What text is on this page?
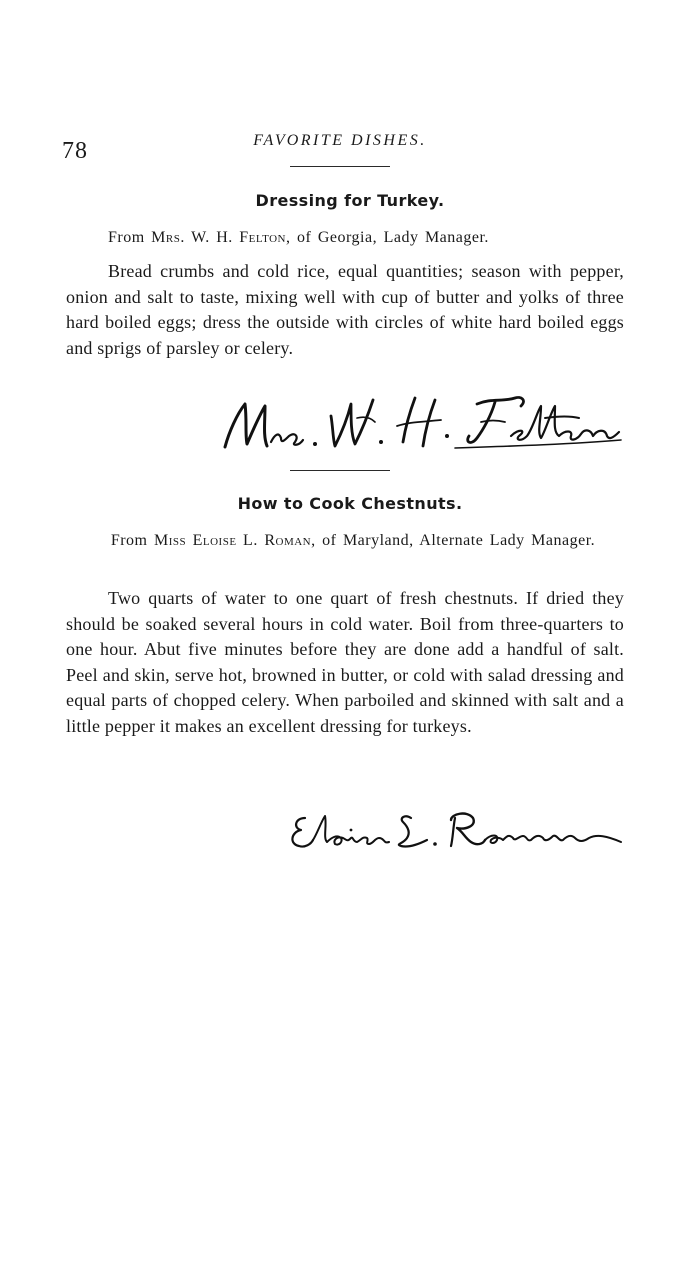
78	FAVORITE DISHES.
Dressing for Turkey.
From Mrs. W. H. Felton, of Georgia, Lady Manager.

Bread crumbs and cold rice, equal quantities; season with pepper, onion and salt to taste, mixing well with cup of butter and yolks of three hard boiled eggs; dress the outside with circles of white hard boiled eggs and sprigs of parsley or celery.

How to Cook Chestnuts.
From Miss Eloise L. Roman, of Maryland, Alternate Lady Manager.

Two quarts of water to one quart of fresh chestnuts. If dried they should be soaked several hours in cold water. Boil from three-quarters to one hour. Abut five minutes before they are done add a handful of salt. Peel and skin, serve hot, browned in butter, or cold with salad dressing and equal parts of chopped celery. When parboiled and skinned with salt and a little pepper it makes an excellent dressing for turkeys.
